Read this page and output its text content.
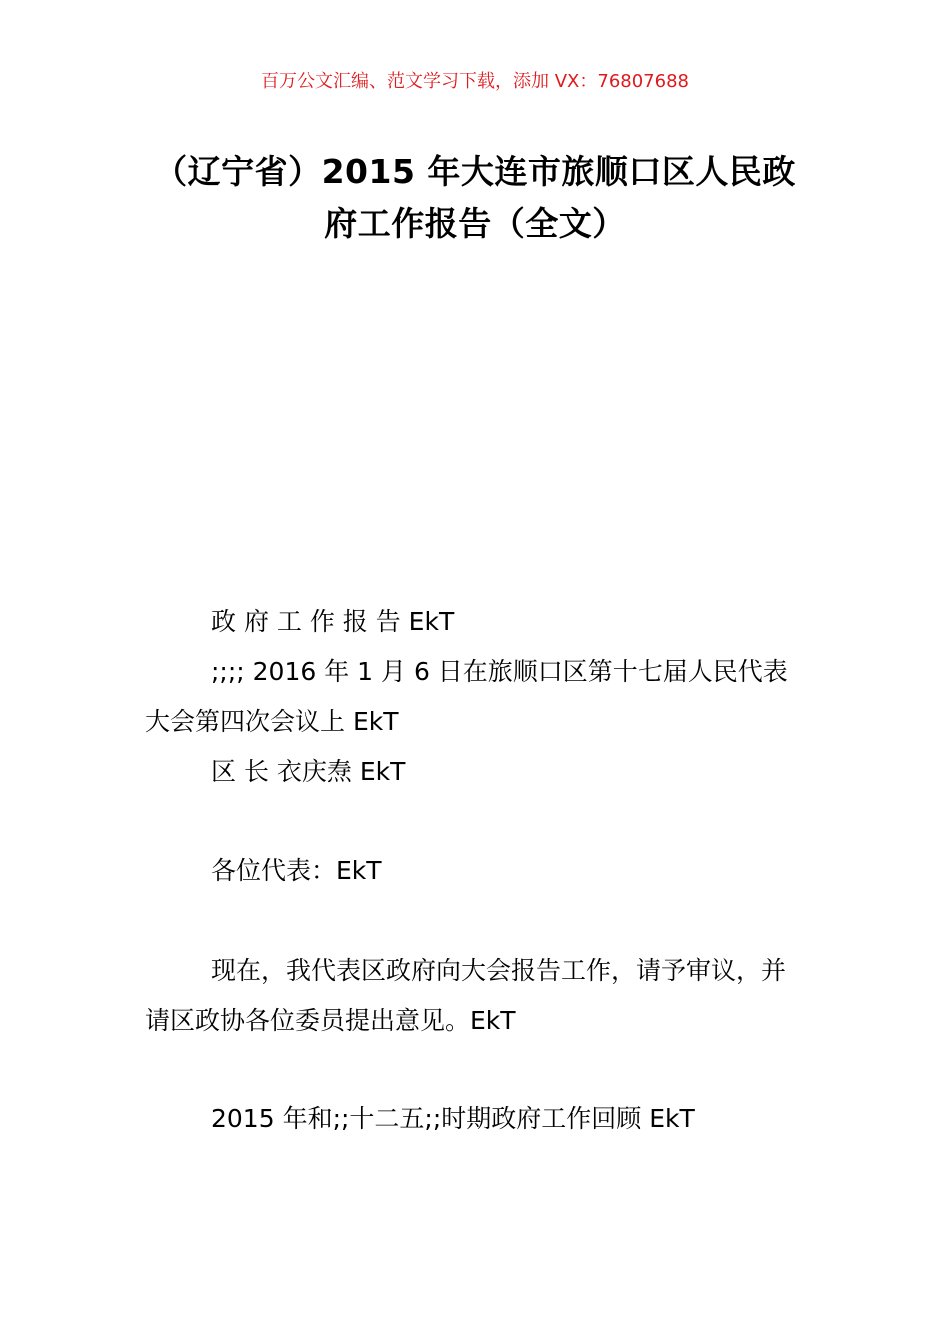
百万公文汇编、范文学习下载，添加 VX：76807688
（辽宁省）2015 年大连市旅顺口区人民政
府工作报告（全文）
政 府 工 作 报 告 EkT
;;;; 2016 年 1 月 6 日在旅顺口区第十七届人民代表
大会第四次会议上 EkT
区 长 衣庆焘 EkT
各位代表：EkT
现在，我代表区政府向大会报告工作，请予审议，并
请区政协各位委员提出意见。EkT
2015 年和;;十二五;;时期政府工作回顾 EkT
